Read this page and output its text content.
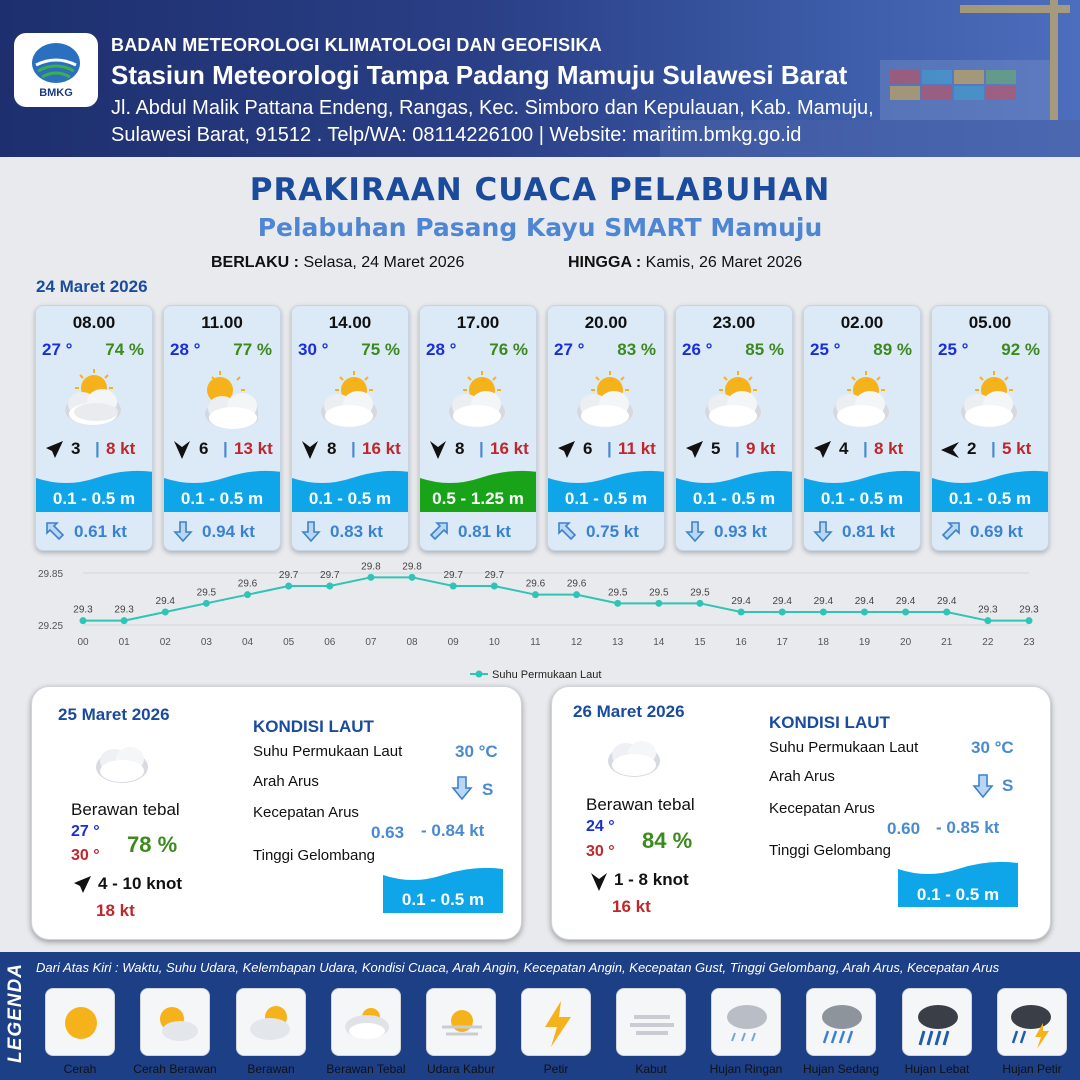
BMKG
BADAN METEOROLOGI KLIMATOLOGI DAN GEOFISIKA
Stasiun Meteorologi Tampa Padang Mamuju Sulawesi Barat
Jl. Abdul Malik Pattana Endeng, Rangas, Kec. Simboro dan Kepulauan, Kab. Mamuju,
Sulawesi Barat, 91512 . Telp/WA: 08114226100 | Website: maritim.bmkg.go.id
PRAKIRAAN CUACA PELABUHAN
Pelabuhan Pasang Kayu SMART Mamuju
BERLAKU : Selasa, 24 Maret 2026	HINGGA : Kamis, 26 Maret 2026
24 Maret 2026
08.00
27 ° 74 %
3 | 8 kt
0.1 - 0.5 m
0.61 kt
11.00
28 ° 77 %
6 | 13 kt
0.1 - 0.5 m
0.94 kt
14.00
30 ° 75 %
8 | 16 kt
0.1 - 0.5 m
0.83 kt
17.00
28 ° 76 %
8 | 16 kt
0.5 - 1.25 m
0.81 kt
20.00
27 ° 83 %
6 | 11 kt
0.1 - 0.5 m
0.75 kt
23.00
26 ° 85 %
5 | 9 kt
0.1 - 0.5 m
0.93 kt
02.00
25 ° 89 %
4 | 8 kt
0.1 - 0.5 m
0.81 kt
05.00
25 ° 92 %
2 | 5 kt
0.1 - 0.5 m
0.69 kt
29.85
29.25
29.3
00
29.3
01
29.4
02
29.5
03
29.6
04
29.7
05
29.7
06
29.8
07
29.8
08
29.7
09
29.7
10
29.6
11
29.6
12
29.5
13
29.5
14
29.5
15
29.4
16
29.4
17
29.4
18
29.4
19
29.4
20
29.4
21
29.3
22
29.3
23
Suhu Permukaan Laut
25 Maret 2026
Berawan tebal
27 °
30 ° 78 %
4 - 10 knot
18 kt
KONDISI LAUT
Suhu Permukaan Laut	30 °C
Arah Arus	S
Kecepatan Arus
0.63 - 0.84 kt
Tinggi Gelombang
0.1 - 0.5 m
26 Maret 2026
Berawan tebal
24 °
30 ° 84 %
1 - 8 knot
16 kt
KONDISI LAUT
Suhu Permukaan Laut	30 °C
Arah Arus	S
Kecepatan Arus
0.60 - 0.85 kt
Tinggi Gelombang
0.1 - 0.5 m
LEGENDA Dari Atas Kiri : Waktu, Suhu Udara, Kelembapan Udara, Kondisi Cuaca, Arah Angin, Kecepatan Angin, Kecepatan Gust, Tinggi Gelombang, Arah Arus, Kecepatan Arus
Cerah	Cerah Berawan	Berawan	Berawan Tebal	Udara Kabur	Petir	Kabut	Hujan Ringan	Hujan Sedang	Hujan Lebat	Hujan Petir
